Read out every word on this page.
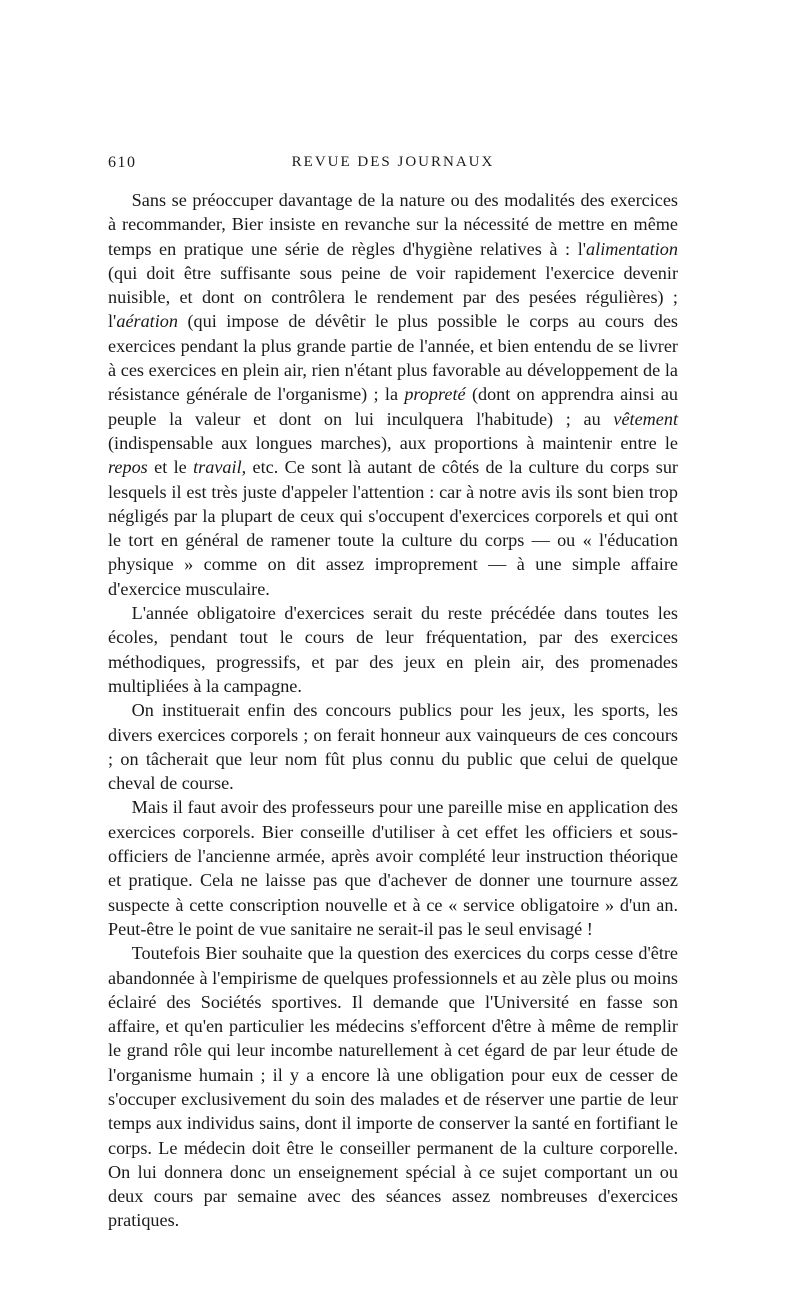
610	REVUE DES JOURNAUX

Sans se préoccuper davantage de la nature ou des modalités des exercices à recommander, Bier insiste en revanche sur la nécessité de mettre en même temps en pratique une série de règles d'hygiène relatives à : l'alimentation (qui doit être suffisante sous peine de voir rapidement l'exercice devenir nuisible, et dont on contrôlera le rendement par des pesées régulières) ; l'aération (qui impose de dévêtir le plus possible le corps au cours des exercices pendant la plus grande partie de l'année, et bien entendu de se livrer à ces exercices en plein air, rien n'étant plus favorable au développement de la résistance générale de l'organisme) ; la propreté (dont on apprendra ainsi au peuple la valeur et dont on lui inculquera l'habitude) ; au vêtement (indispensable aux longues marches), aux proportions à maintenir entre le repos et le travail, etc. Ce sont là autant de côtés de la culture du corps sur lesquels il est très juste d'appeler l'attention : car à notre avis ils sont bien trop négligés par la plupart de ceux qui s'occupent d'exercices corporels et qui ont le tort en général de ramener toute la culture du corps — ou « l'éducation physique » comme on dit assez improprement — à une simple affaire d'exercice musculaire.

L'année obligatoire d'exercices serait du reste précédée dans toutes les écoles, pendant tout le cours de leur fréquentation, par des exercices méthodiques, progressifs, et par des jeux en plein air, des promenades multipliées à la campagne.

On instituerait enfin des concours publics pour les jeux, les sports, les divers exercices corporels ; on ferait honneur aux vainqueurs de ces concours ; on tâcherait que leur nom fût plus connu du public que celui de quelque cheval de course.

Mais il faut avoir des professeurs pour une pareille mise en application des exercices corporels. Bier conseille d'utiliser à cet effet les officiers et sous-officiers de l'ancienne armée, après avoir complété leur instruction théorique et pratique. Cela ne laisse pas que d'achever de donner une tournure assez suspecte à cette conscription nouvelle et à ce « service obligatoire » d'un an. Peut-être le point de vue sanitaire ne serait-il pas le seul envisagé !

Toutefois Bier souhaite que la question des exercices du corps cesse d'être abandonnée à l'empirisme de quelques professionnels et au zèle plus ou moins éclairé des Sociétés sportives. Il demande que l'Université en fasse son affaire, et qu'en particulier les médecins s'efforcent d'être à même de remplir le grand rôle qui leur incombe naturellement à cet égard de par leur étude de l'organisme humain ; il y a encore là une obligation pour eux de cesser de s'occuper exclusivement du soin des malades et de réserver une partie de leur temps aux individus sains, dont il importe de conserver la santé en fortifiant le corps. Le médecin doit être le conseiller permanent de la culture corporelle. On lui donnera donc un enseignement spécial à ce sujet comportant un ou deux cours par semaine avec des séances assez nombreuses d'exercices pratiques.
